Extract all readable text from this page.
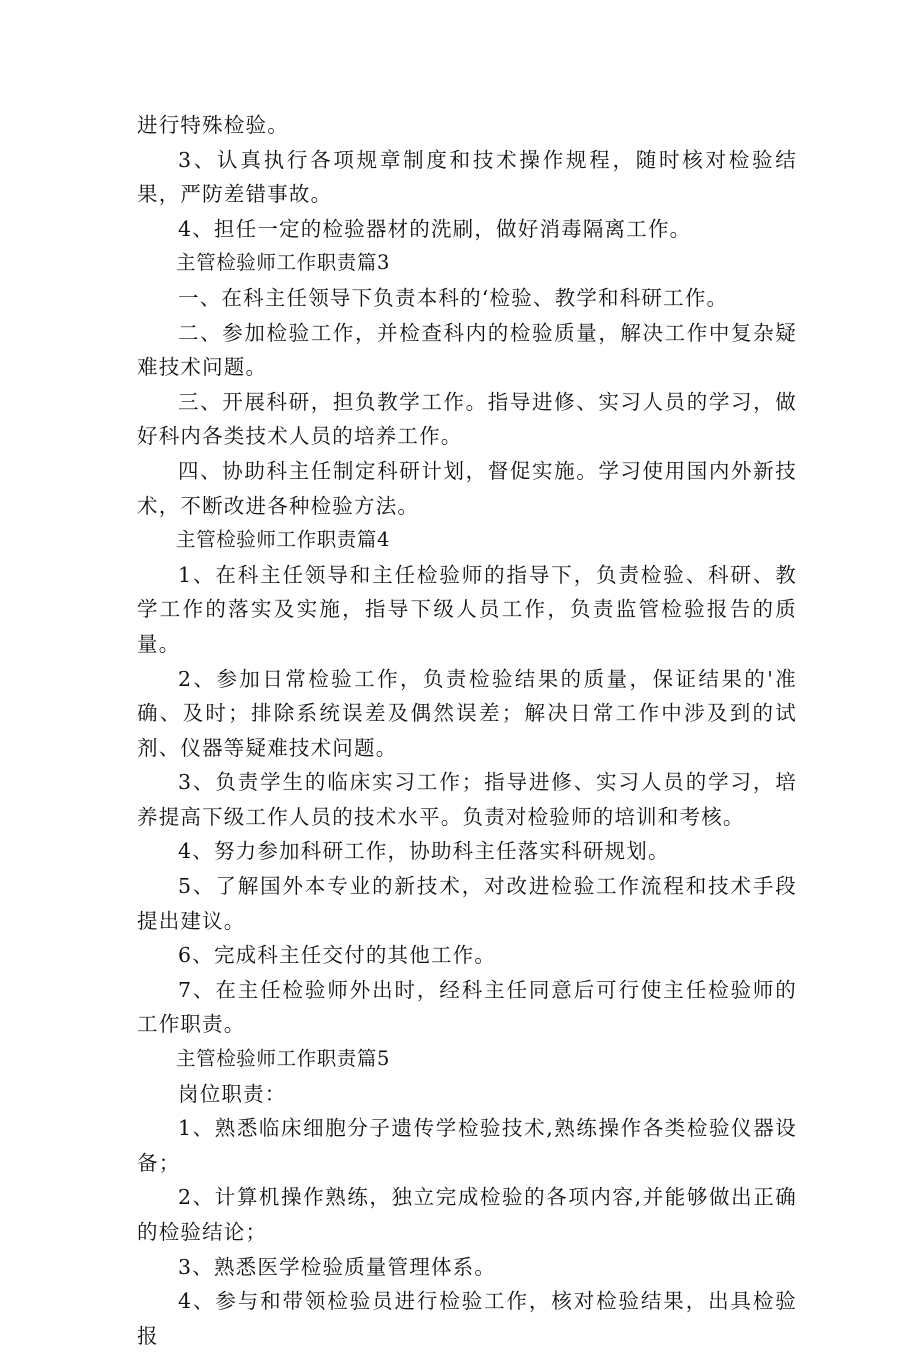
进行特殊检验。

3、认真执行各项规章制度和技术操作规程，随时核对检验结果，严防差错事故。

4、担任一定的检验器材的洗刷，做好消毒隔离工作。

主管检验师工作职责篇3

一、在科主任领导下负责本科的‘检验、教学和科研工作。

二、参加检验工作，并检查科内的检验质量，解决工作中复杂疑难技术问题。

三、开展科研，担负教学工作。指导进修、实习人员的学习，做好科内各类技术人员的培养工作。

四、协助科主任制定科研计划，督促实施。学习使用国内外新技术，不断改进各种检验方法。

主管检验师工作职责篇4

1、在科主任领导和主任检验师的指导下，负责检验、科研、教学工作的落实及实施，指导下级人员工作，负责监管检验报告的质量。

2、参加日常检验工作，负责检验结果的质量，保证结果的'准确、及时；排除系统误差及偶然误差；解决日常工作中涉及到的试剂、仪器等疑难技术问题。

3、负责学生的临床实习工作；指导进修、实习人员的学习，培养提高下级工作人员的技术水平。负责对检验师的培训和考核。

4、努力参加科研工作，协助科主任落实科研规划。

5、了解国外本专业的新技术，对改进检验工作流程和技术手段提出建议。

6、完成科主任交付的其他工作。

7、在主任检验师外出时，经科主任同意后可行使主任检验师的工作职责。

主管检验师工作职责篇5

岗位职责：

1、熟悉临床细胞分子遗传学检验技术,熟练操作各类检验仪器设备；

2、计算机操作熟练，独立完成检验的各项内容,并能够做出正确的检验结论；

3、熟悉医学检验质量管理体系。

4、参与和带领检验员进行检验工作，核对检验结果，出具检验报
